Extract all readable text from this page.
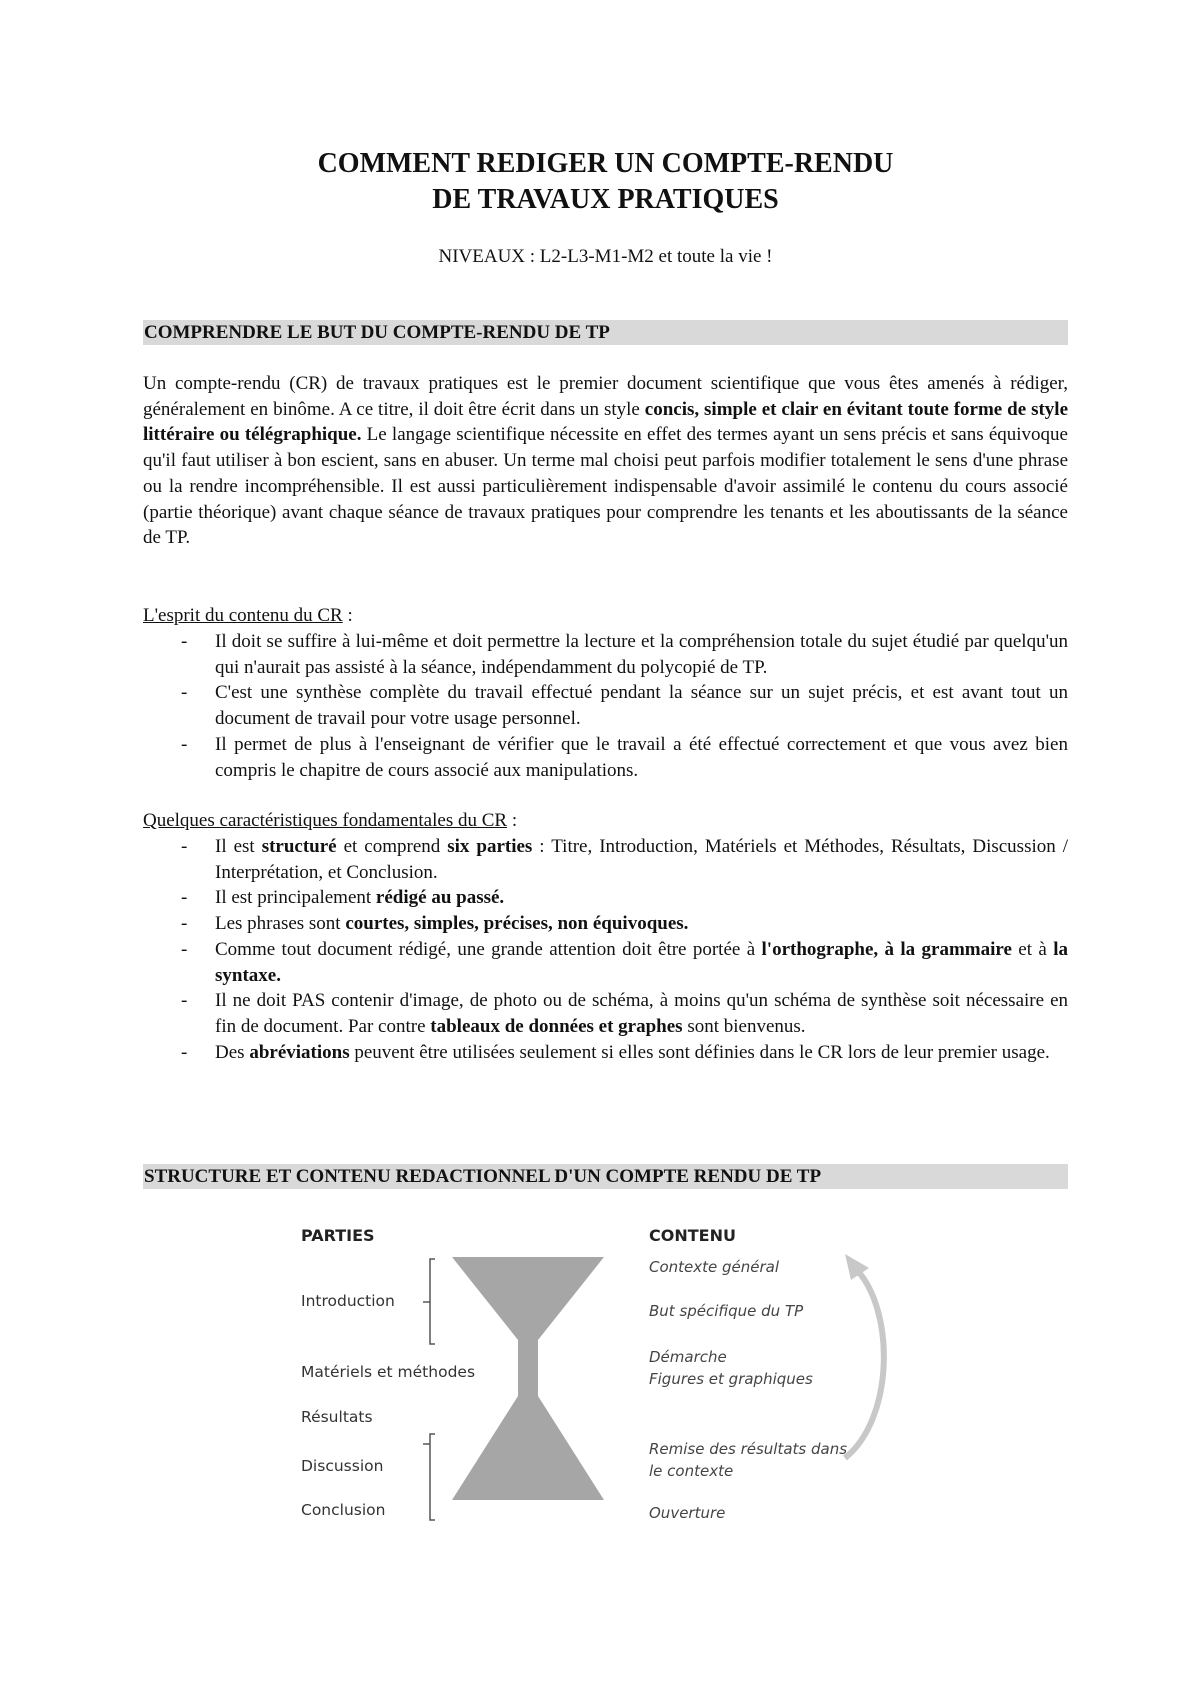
COMMENT REDIGER UN COMPTE-RENDU
DE TRAVAUX PRATIQUES
NIVEAUX : L2-L3-M1-M2 et toute la vie !
COMPRENDRE LE BUT DU COMPTE-RENDU DE TP
Un compte-rendu (CR) de travaux pratiques est le premier document scientifique que vous êtes amenés à rédiger, généralement en binôme. A ce titre, il doit être écrit dans un style concis, simple et clair en évitant toute forme de style littéraire ou télégraphique. Le langage scientifique nécessite en effet des termes ayant un sens précis et sans équivoque qu'il faut utiliser à bon escient, sans en abuser. Un terme mal choisi peut parfois modifier totalement le sens d'une phrase ou la rendre incompréhensible. Il est aussi particulièrement indispensable d'avoir assimilé le contenu du cours associé (partie théorique) avant chaque séance de travaux pratiques pour comprendre les tenants et les aboutissants de la séance de TP.
L'esprit du contenu du CR :
- Il doit se suffire à lui-même et doit permettre la lecture et la compréhension totale du sujet étudié par quelqu'un qui n'aurait pas assisté à la séance, indépendamment du polycopié de TP.
- C'est une synthèse complète du travail effectué pendant la séance sur un sujet précis, et est avant tout un document de travail pour votre usage personnel.
- Il permet de plus à l'enseignant de vérifier que le travail a été effectué correctement et que vous avez bien compris le chapitre de cours associé aux manipulations.
Quelques caractéristiques fondamentales du CR :
- Il est structuré et comprend six parties : Titre, Introduction, Matériels et Méthodes, Résultats, Discussion / Interprétation, et Conclusion.
- Il est principalement rédigé au passé.
- Les phrases sont courtes, simples, précises, non équivoques.
- Comme tout document rédigé, une grande attention doit être portée à l'orthographe, à la grammaire et à la syntaxe.
- Il ne doit PAS contenir d'image, de photo ou de schéma, à moins qu'un schéma de synthèse soit nécessaire en fin de document. Par contre tableaux de données et graphes sont bienvenus.
- Des abréviations peuvent être utilisées seulement si elles sont définies dans le CR lors de leur premier usage.
STRUCTURE ET CONTENU REDACTIONNEL D'UN COMPTE RENDU DE TP
PARTIES	CONTENU
Introduction
Matériels et méthodes
Résultats
Discussion
Conclusion
Contexte général
But spécifique du TP
Démarche
Figures et graphiques
Remise des résultats dans
le contexte
Ouverture
